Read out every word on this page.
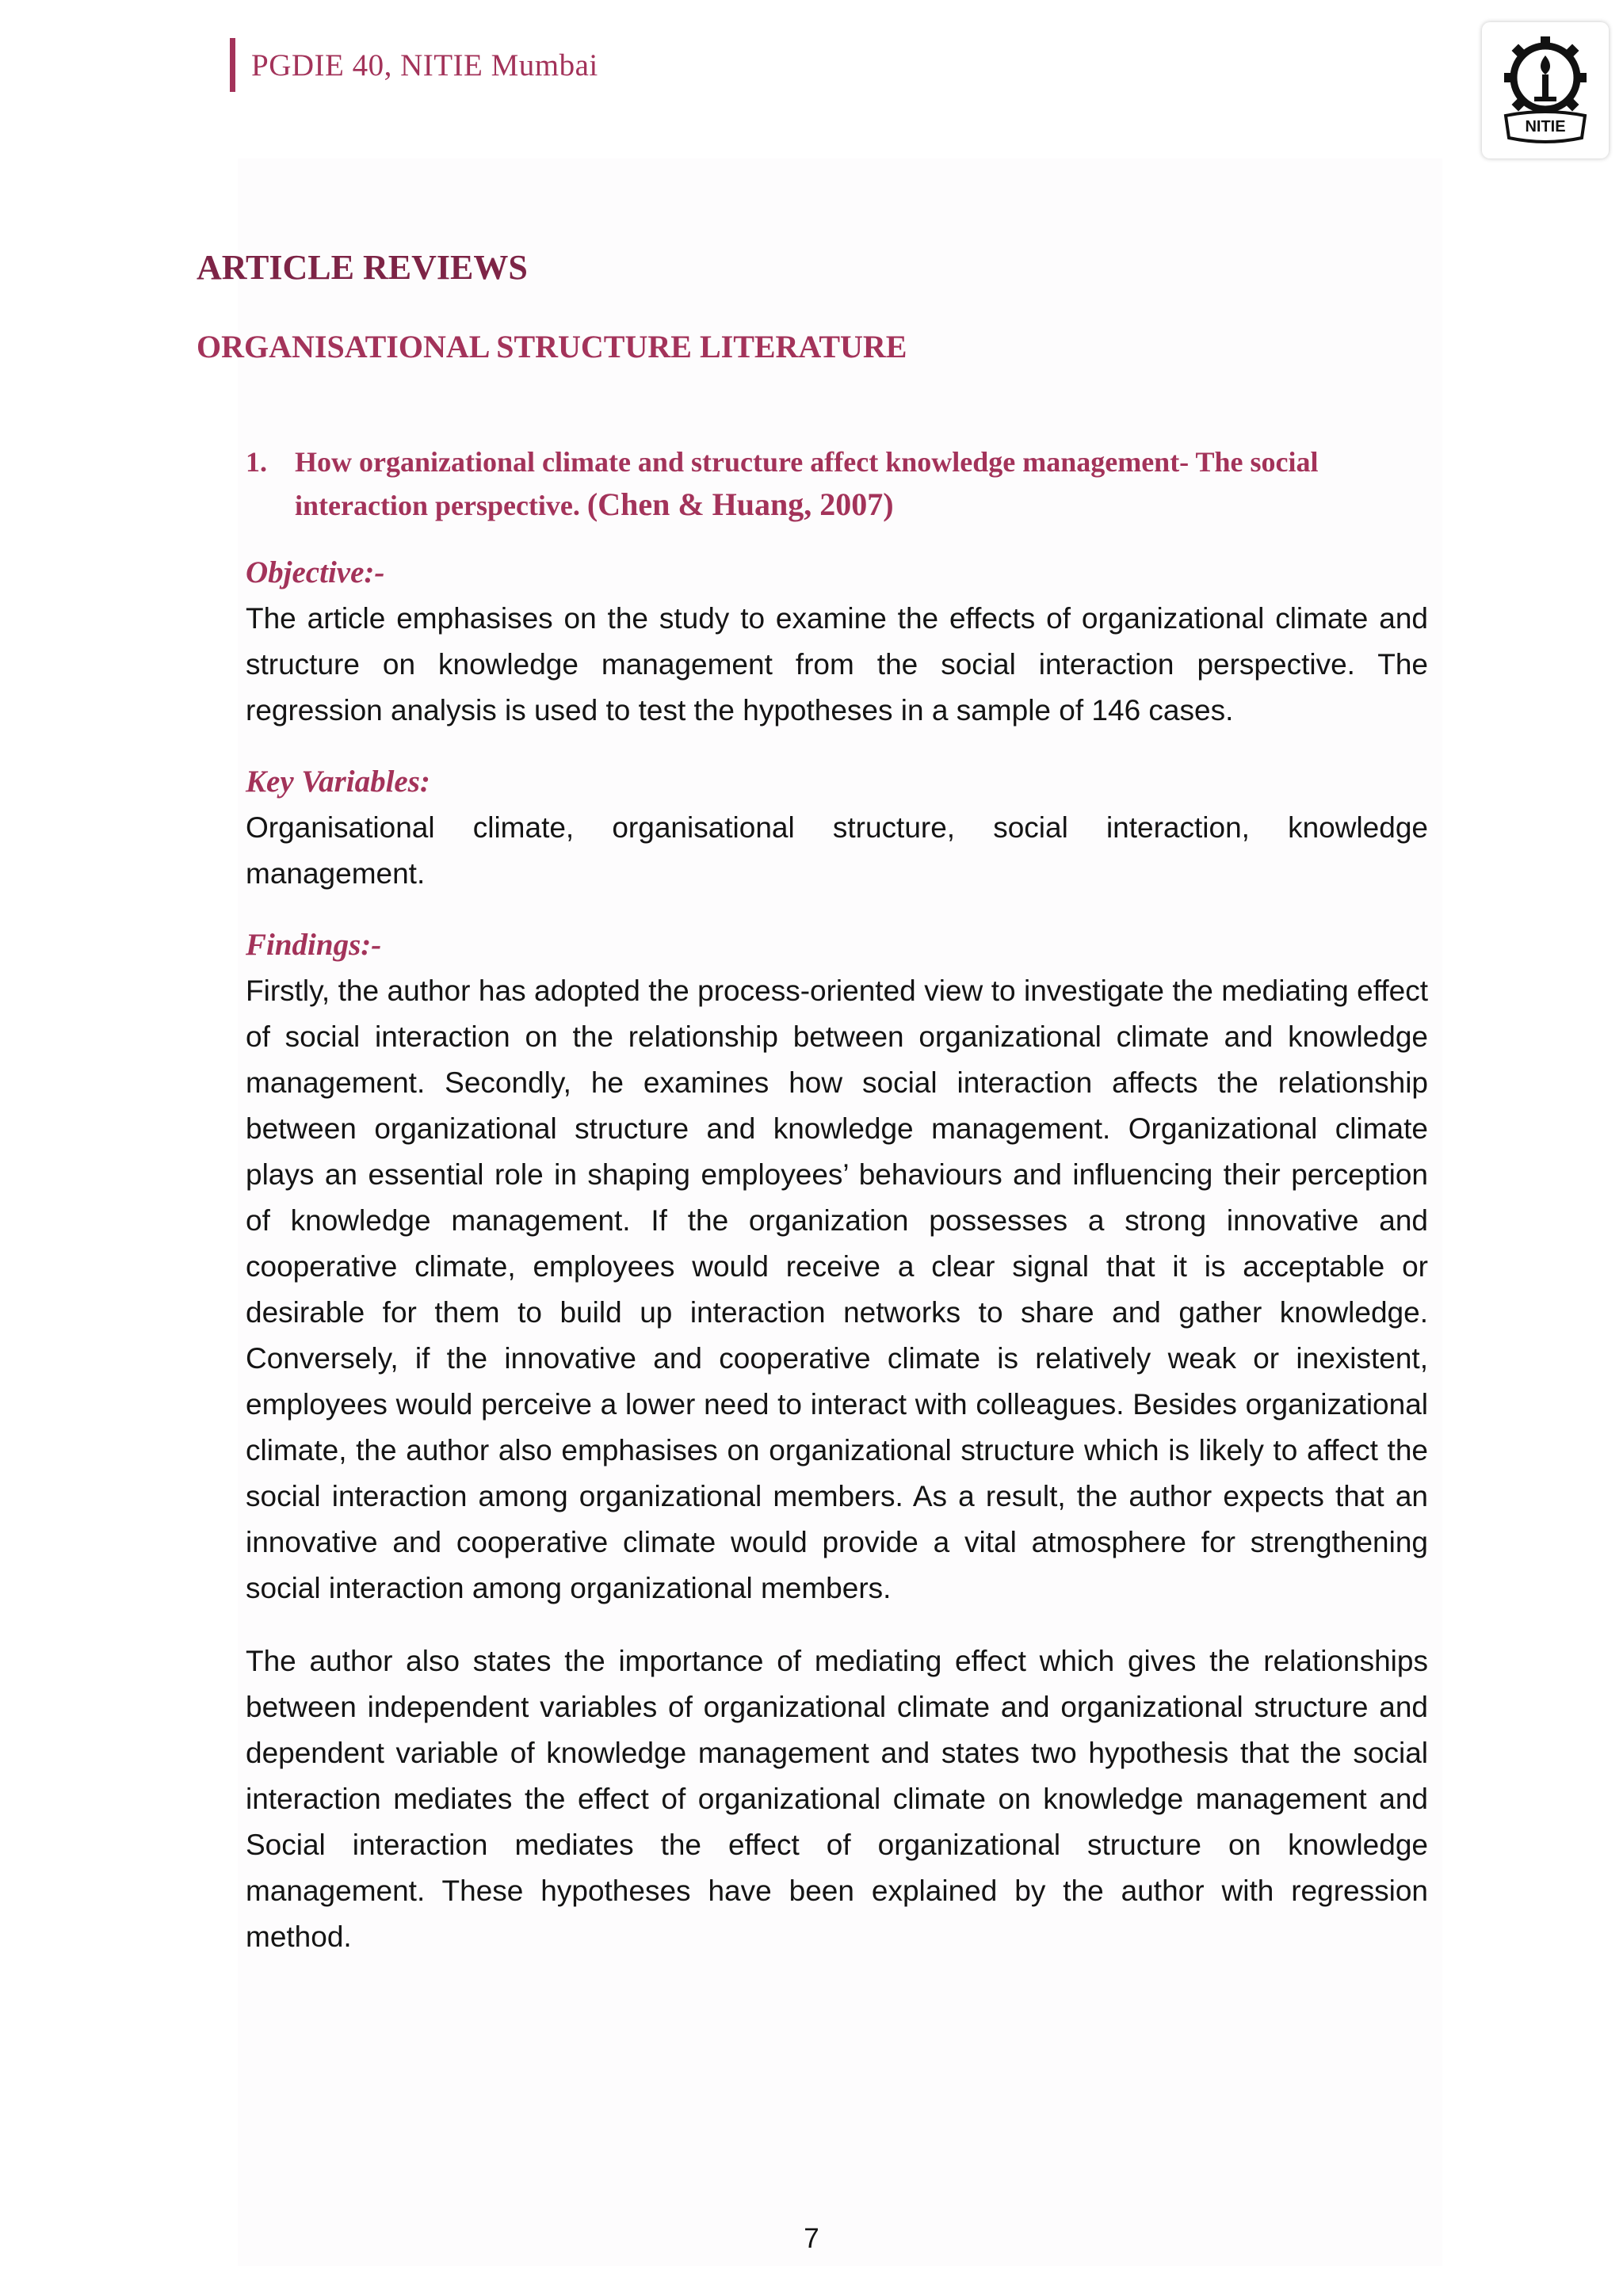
PGDIE 40, NITIE Mumbai
NITIE
ARTICLE REVIEWS
ORGANISATIONAL STRUCTURE LITERATURE
1. How organizational climate and structure affect knowledge management- The social interaction perspective. (Chen & Huang, 2007)
Objective:-
The article emphasises on the study to examine the effects of organizational climate and structure on knowledge management from the social interaction perspective. The regression analysis is used to test the hypotheses in a sample of 146 cases.
Key Variables:
Organisational climate, organisational structure, social interaction, knowledge management.
Findings:-
Firstly, the author has adopted the process-oriented view to investigate the mediating effect of social interaction on the relationship between organizational climate and knowledge management. Secondly, he examines how social interaction affects the relationship between organizational structure and knowledge management. Organizational climate plays an essential role in shaping employees’ behaviours and influencing their perception of knowledge management. If the organization possesses a strong innovative and cooperative climate, employees would receive a clear signal that it is acceptable or desirable for them to build up interaction networks to share and gather knowledge. Conversely, if the innovative and cooperative climate is relatively weak or inexistent, employees would perceive a lower need to interact with colleagues. Besides organizational climate, the author also emphasises on organizational structure which is likely to affect the social interaction among organizational members. As a result, the author expects that an innovative and cooperative climate would provide a vital atmosphere for strengthening social interaction among organizational members.
The author also states the importance of mediating effect which gives the relationships between independent variables of organizational climate and organizational structure and dependent variable of knowledge management and states two hypothesis that the social interaction mediates the effect of organizational climate on knowledge management and Social interaction mediates the effect of organizational structure on knowledge management. These hypotheses have been explained by the author with regression method.
7
